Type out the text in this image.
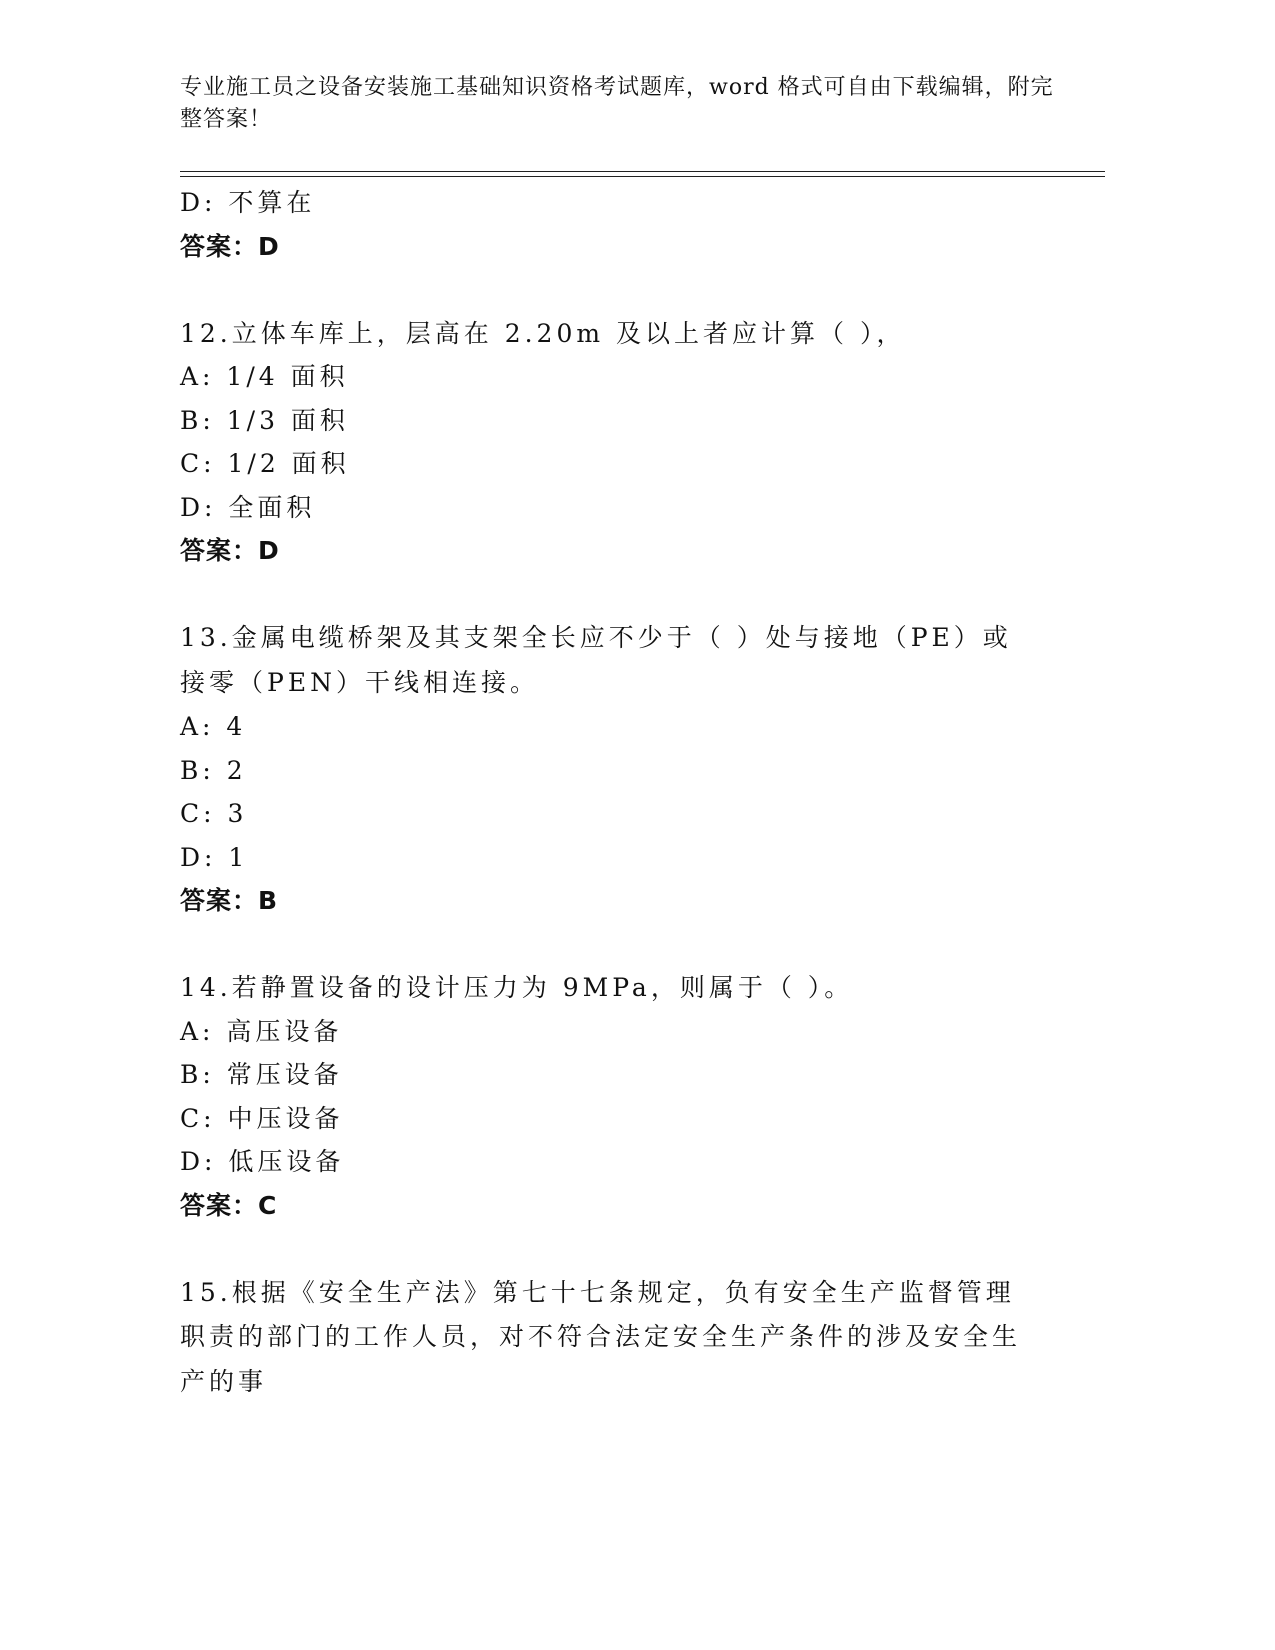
专业施工员之设备安装施工基础知识资格考试题库，word 格式可自由下载编辑，附完整答案！
D: 不算在
答案：D
12.立体车库上，层高在 2.20m 及以上者应计算（ ），
A: 1/4 面积
B: 1/3 面积
C: 1/2 面积
D: 全面积
答案：D
13.金属电缆桥架及其支架全长应不少于（ ）处与接地（PE）或接零（PEN）干线相连接。
A: 4
B: 2
C: 3
D: 1
答案：B
14.若静置设备的设计压力为 9MPa，则属于（ ）。
A: 高压设备
B: 常压设备
C: 中压设备
D: 低压设备
答案：C
15.根据《安全生产法》第七十七条规定，负有安全生产监督管理职责的部门的工作人员，对不符合法定安全生产条件的涉及安全生产的事
